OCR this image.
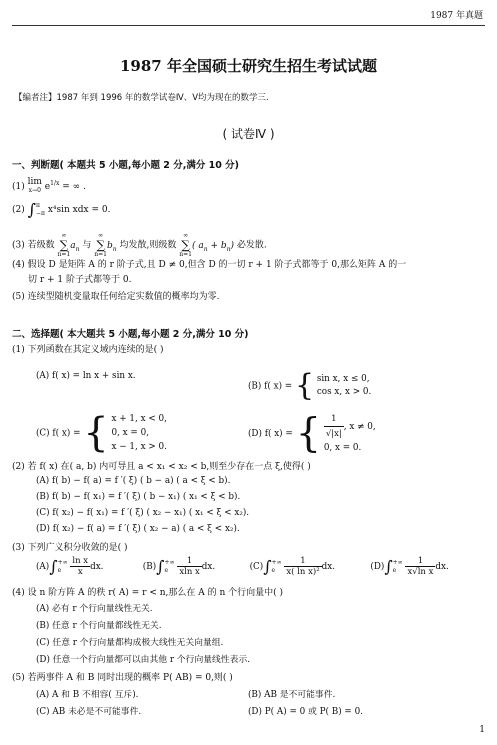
1987 年真题
1987 年全国硕士研究生招生考试试题
【编者注】1987 年到 1996 年的数学试卷Ⅳ、Ⅴ均为现在的数学三.
( 试卷Ⅳ )
一、判断题( 本题共 5 小题,每小题 2 分,满分 10 分)
(1) lim
x→0 $e^{1/x}$ = ∞ .
(2) ∫π
−π x⁴sin xdx = 0.
(3) 若级数 ∞
∑
$n=1a_n$ 与 ∞
∑
$n=1b_n$ 均发散,则级数 ∞
∑
n=1( $a_n + b_n$) 必发散.
(4) 假设 D 是矩阵 A 的 r 阶子式,且 D ≠ 0,但含 D 的一切 r + 1 阶子式都等于 0,那么矩阵 A 的一
切 r + 1 阶子式都等于 0.
(5) 连续型随机变量取任何给定实数值的概率均为零.
二、选择题( 本大题共 5 小题,每小题 2 分,满分 10 分)
(1) 下列函数在其定义域内连续的是( )
(A) f( x) = ln x + sin x.
(B) f( x) = { sin x, x ≤ 0,
cos x, x > 0.
(C) f( x) = { x + 1, x < 0,
0, x = 0,
x − 1, x > 0.
(D) f( x) = { $\frac{1}{√|x|}$ , x ≠ 0,
0, x = 0.
(2) 若 f( x) 在( a, b) 内可导且 a < x₁ < x₂ < b,则至少存在一点 ξ,使得( )
(A) f( b) − f( a) = f ′( ξ) ( b − a) ( a < ξ < b).
(B) f( b) − f( x₁) = f ′( ξ) ( b − x₁) ( x₁ < ξ < b).
(C) f( x₂) − f( x₁) = f ′( ξ) ( x₂ − x₁) ( x₁ < ξ < x₂).
(D) f( x₂) − f( a) = f ′( ξ) ( x₂ − a) ( a < ξ < x₂).
(3) 下列广义积分收敛的是( )
(A)∫+∞
e $\frac{\text{ln x}}{x}$ dx.	(B)∫+∞
e $\frac{1}{\text{xln x}}$ dx.	(C)∫+∞
e $\frac{1}{\text{x( ln x)²}}$ dx.	(D)∫+∞
e $\frac{1}{\text{x√ln x}}$ dx.
(4) 设 n 阶方阵 A 的秩 r( A) = r < n,那么在 A 的 n 个行向量中( )
(A) 必有 r 个行向量线性无关.
(B) 任意 r 个行向量都线性无关.
(C) 任意 r 个行向量都构成极大线性无关向量组.
(D) 任意一个行向量都可以由其他 r 个行向量线性表示.
(5) 若两事件 A 和 B 同时出现的概率 P( AB) = 0,则( )
(A) A 和 B 不相容( 互斥).	(B) AB 是不可能事件.
(C) AB 未必是不可能事件.	(D) P( A) = 0 或 P( B) = 0.
1
